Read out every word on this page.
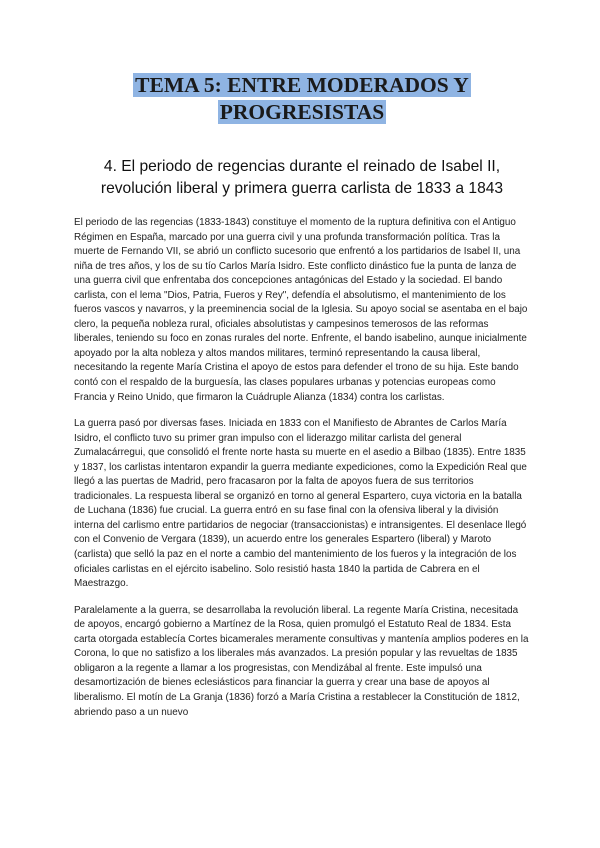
TEMA 5: ENTRE MODERADOS Y
PROGRESISTAS
4. El periodo de regencias durante el reinado de Isabel II,
revolución liberal y primera guerra carlista de 1833 a 1843

El periodo de las regencias (1833-1843) constituye el momento de la ruptura definitiva con el Antiguo Régimen en España, marcado por una guerra civil y una profunda transformación política. Tras la muerte de Fernando VII, se abrió un conflicto sucesorio que enfrentó a los partidarios de Isabel II, una niña de tres años, y los de su tío Carlos María Isidro. Este conflicto dinástico fue la punta de lanza de una guerra civil que enfrentaba dos concepciones antagónicas del Estado y la sociedad. El bando carlista, con el lema "Dios, Patria, Fueros y Rey", defendía el absolutismo, el mantenimiento de los fueros vascos y navarros, y la preeminencia social de la Iglesia. Su apoyo social se asentaba en el bajo clero, la pequeña nobleza rural, oficiales absolutistas y campesinos temerosos de las reformas liberales, teniendo su foco en zonas rurales del norte. Enfrente, el bando isabelino, aunque inicialmente apoyado por la alta nobleza y altos mandos militares, terminó representando la causa liberal, necesitando la regente María Cristina el apoyo de estos para defender el trono de su hija. Este bando contó con el respaldo de la burguesía, las clases populares urbanas y potencias europeas como Francia y Reino Unido, que firmaron la Cuádruple Alianza (1834) contra los carlistas.

La guerra pasó por diversas fases. Iniciada en 1833 con el Manifiesto de Abrantes de Carlos María Isidro, el conflicto tuvo su primer gran impulso con el liderazgo militar carlista del general Zumalacárregui, que consolidó el frente norte hasta su muerte en el asedio a Bilbao (1835). Entre 1835 y 1837, los carlistas intentaron expandir la guerra mediante expediciones, como la Expedición Real que llegó a las puertas de Madrid, pero fracasaron por la falta de apoyos fuera de sus territorios tradicionales. La respuesta liberal se organizó en torno al general Espartero, cuya victoria en la batalla de Luchana (1836) fue crucial. La guerra entró en su fase final con la ofensiva liberal y la división interna del carlismo entre partidarios de negociar (transaccionistas) e intransigentes. El desenlace llegó con el Convenio de Vergara (1839), un acuerdo entre los generales Espartero (liberal) y Maroto (carlista) que selló la paz en el norte a cambio del mantenimiento de los fueros y la integración de los oficiales carlistas en el ejército isabelino. Solo resistió hasta 1840 la partida de Cabrera en el Maestrazgo.

Paralelamente a la guerra, se desarrollaba la revolución liberal. La regente María Cristina, necesitada de apoyos, encargó gobierno a Martínez de la Rosa, quien promulgó el Estatuto Real de 1834. Esta carta otorgada establecía Cortes bicamerales meramente consultivas y mantenía amplios poderes en la Corona, lo que no satisfizo a los liberales más avanzados. La presión popular y las revueltas de 1835 obligaron a la regente a llamar a los progresistas, con Mendizábal al frente. Este impulsó una desamortización de bienes eclesiásticos para financiar la guerra y crear una base de apoyos al liberalismo. El motín de La Granja (1836) forzó a María Cristina a restablecer la Constitución de 1812, abriendo paso a un nuevo
